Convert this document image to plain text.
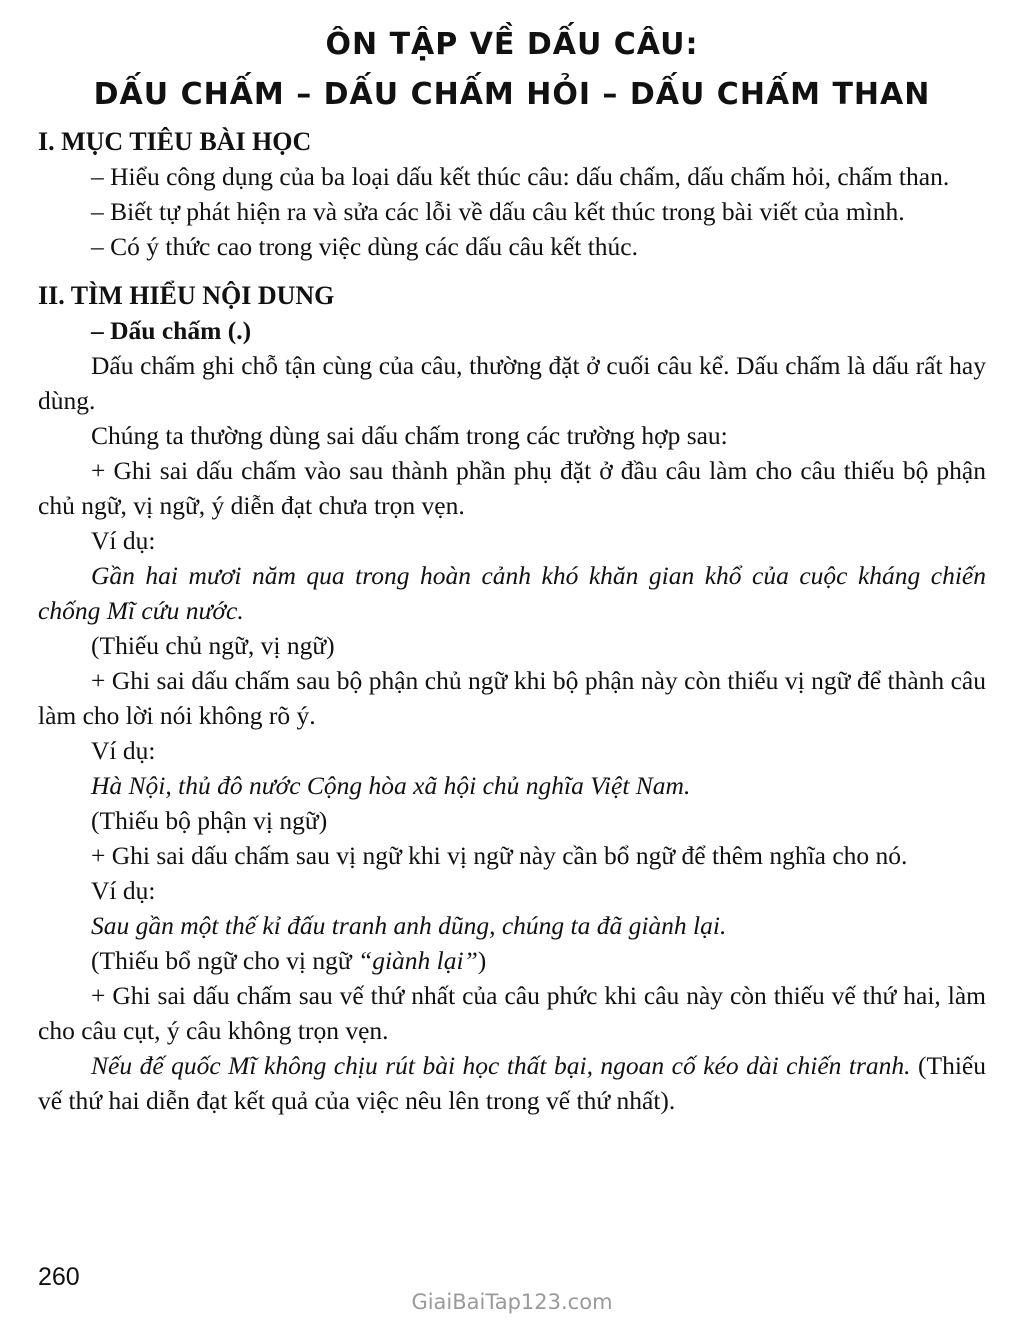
ÔN TẬP VỀ DẤU CÂU:
DẤU CHẤM – DẤU CHẤM HỎI – DẤU CHẤM THAN
I. MỤC TIÊU BÀI HỌC

– Hiểu công dụng của ba loại dấu kết thúc câu: dấu chấm, dấu chấm hỏi, chấm than.

– Biết tự phát hiện ra và sửa các lỗi về dấu câu kết thúc trong bài viết của mình.

– Có ý thức cao trong việc dùng các dấu câu kết thúc.

II. TÌM HIỂU NỘI DUNG

– Dấu chấm (.)

Dấu chấm ghi chỗ tận cùng của câu, thường đặt ở cuối câu kể. Dấu chấm là dấu rất hay dùng.

Chúng ta thường dùng sai dấu chấm trong các trường hợp sau:

+ Ghi sai dấu chấm vào sau thành phần phụ đặt ở đầu câu làm cho câu thiếu bộ phận chủ ngữ, vị ngữ, ý diễn đạt chưa trọn vẹn.

Ví dụ:

Gần hai mươi năm qua trong hoàn cảnh khó khăn gian khổ của cuộc kháng chiến chống Mĩ cứu nước.

(Thiếu chủ ngữ, vị ngữ)

+ Ghi sai dấu chấm sau bộ phận chủ ngữ khi bộ phận này còn thiếu vị ngữ để thành câu làm cho lời nói không rõ ý.

Ví dụ:

Hà Nội, thủ đô nước Cộng hòa xã hội chủ nghĩa Việt Nam.

(Thiếu bộ phận vị ngữ)

+ Ghi sai dấu chấm sau vị ngữ khi vị ngữ này cần bổ ngữ để thêm nghĩa cho nó.

Ví dụ:

Sau gần một thế kỉ đấu tranh anh dũng, chúng ta đã giành lại.

(Thiếu bổ ngữ cho vị ngữ “giành lại”)

+ Ghi sai dấu chấm sau vế thứ nhất của câu phức khi câu này còn thiếu vế thứ hai, làm cho câu cụt, ý câu không trọn vẹn.

Nếu đế quốc Mĩ không chịu rút bài học thất bại, ngoan cố kéo dài chiến tranh. (Thiếu vế thứ hai diễn đạt kết quả của việc nêu lên trong vế thứ nhất).

260
GiaiBaiTap123.com
